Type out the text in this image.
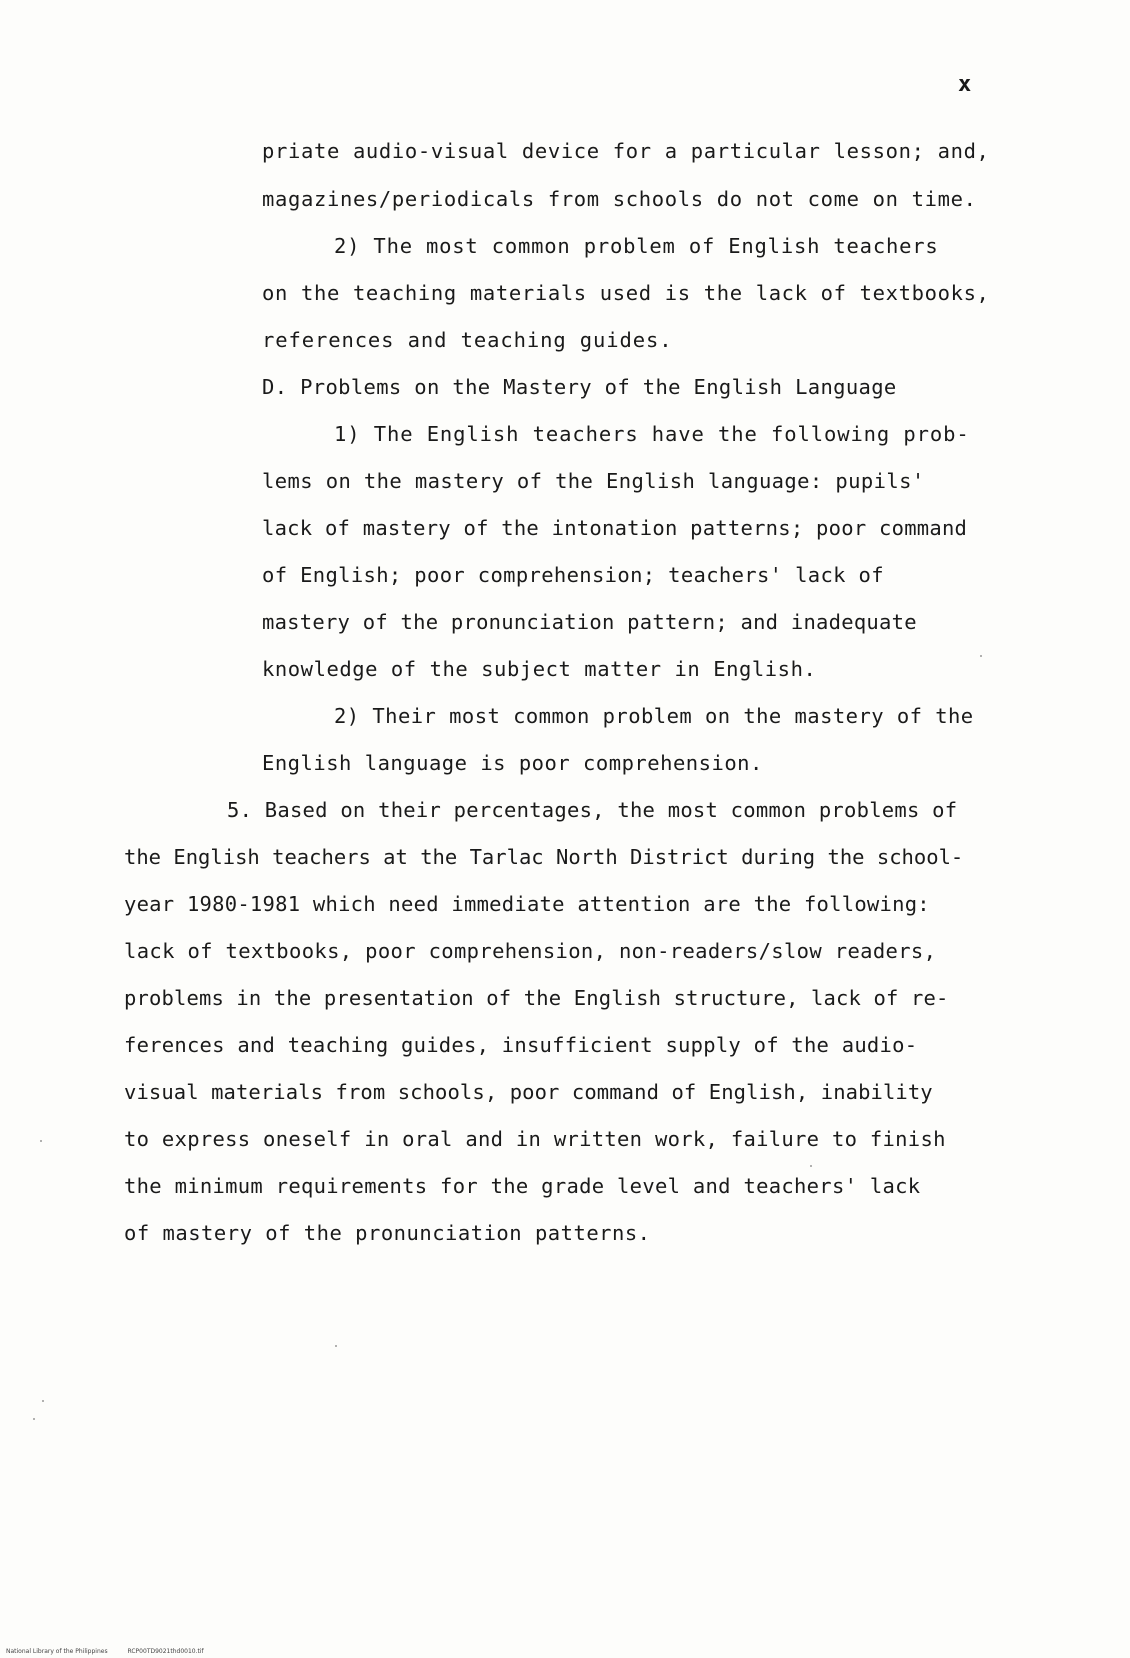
x
priate audio-visual device for a particular lesson; and,
magazines/periodicals from schools do not come on time.
2) The most common problem of English teachers
on the teaching materials used is the lack of textbooks,
references and teaching guides.
D. Problems on the Mastery of the English Language
1) The English teachers have the following prob-
lems on the mastery of the English language: pupils'
lack of mastery of the intonation patterns; poor command
of English; poor comprehension; teachers' lack of
mastery of the pronunciation pattern; and inadequate
knowledge of the subject matter in English.
2) Their most common problem on the mastery of the
English language is poor comprehension.
5. Based on their percentages, the most common problems of
the English teachers at the Tarlac North District during the school-
year 1980-1981 which need immediate attention are the following:
lack of textbooks, poor comprehension, non-readers/slow readers,
problems in the presentation of the English structure, lack of re-
ferences and teaching guides, insufficient supply of the audio-
visual materials from schools, poor command of English, inability
to express oneself in oral and in written work, failure to finish
the minimum requirements for the grade level and teachers' lack
of mastery of the pronunciation patterns.
National Library of the Philippines	RCP00TD9021thd0010.tif
